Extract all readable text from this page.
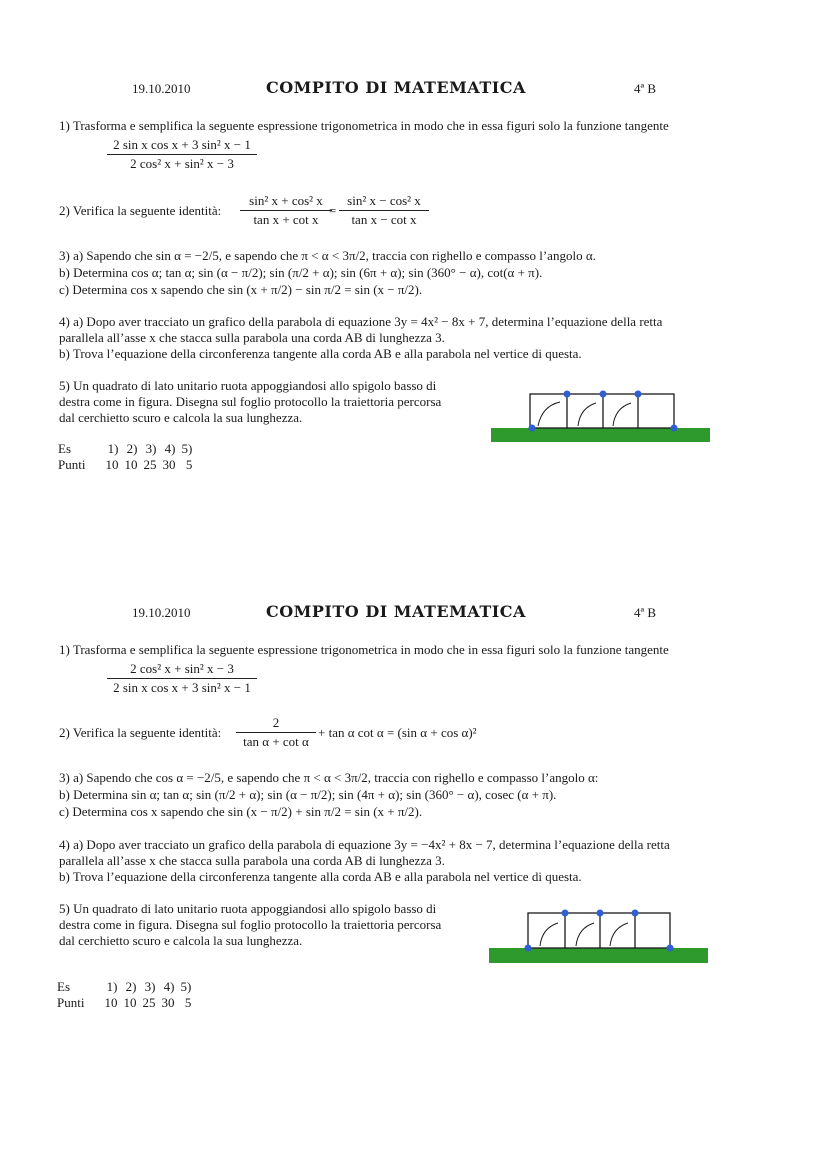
19.10.2010	COMPITO DI MATEMATICA	4ª B
1) Trasforma e semplifica la seguente espressione trigonometrica in modo che in essa figuri solo la funzione tangente
$\frac{\text{2 sin x cos x + 3 sin² x − 1}}{\text{2 cos² x + sin² x − 3}}$
2) Verifica la seguente identità: $\frac{\text{sin² x + cos² x}}{\text{tan x + cot x}}$
= $\frac{\text{sin² x − cos² x}}{\text{tan x − cot x}}$
3) a) Sapendo che sin α = −2/5, e sapendo che π < α < 3π/2, traccia con righello e compasso l’angolo α.
b) Determina cos α; tan α; sin (α − π/2); sin (π/2 + α); sin (6π + α); sin (360° − α), cot(α + π).
c) Determina cos x sapendo che sin (x + π/2) − sin π/2 = sin (x − π/2).
4) a) Dopo aver tracciato un grafico della parabola di equazione 3y = 4x² − 8x + 7, determina l’equazione della retta
parallela all’asse x che stacca sulla parabola una corda AB di lunghezza 3.
b) Trova l’equazione della circonferenza tangente alla corda AB e alla parabola nel vertice di questa.
5) Un quadrato di lato unitario ruota appoggiandosi allo spigolo basso di
destra come in figura. Disegna sul foglio protocollo la traiettoria percorsa
dal cerchietto scuro e calcola la sua lunghezza.
Es	1)	2)	3)	4)	5)
Punti	10	10	25	30	5
19.10.2010	COMPITO DI MATEMATICA	4ª B
1) Trasforma e semplifica la seguente espressione trigonometrica in modo che in essa figuri solo la funzione tangente
$\frac{\text{2 cos² x + sin² x − 3}}{\text{2 sin x cos x + 3 sin² x − 1}}$
2) Verifica la seguente identità: $\frac{2}{\text{tan α + cot α}} + \tan \alpha$ cot α = (sin α + cos α)²
3) a) Sapendo che cos α = −2/5, e sapendo che π < α < 3π/2, traccia con righello e compasso l’angolo α:
b) Determina sin α; tan α; sin (π/2 + α); sin (α − π/2); sin (4π + α); sin (360° − α), cosec (α + π).
c) Determina cos x sapendo che sin (x − π/2) + sin π/2 = sin (x + π/2).
4) a) Dopo aver tracciato un grafico della parabola di equazione 3y = −4x² + 8x − 7, determina l’equazione della retta
parallela all’asse x che stacca sulla parabola una corda AB di lunghezza 3.
b) Trova l’equazione della circonferenza tangente alla corda AB e alla parabola nel vertice di questa.
5) Un quadrato di lato unitario ruota appoggiandosi allo spigolo basso di
destra come in figura. Disegna sul foglio protocollo la traiettoria percorsa
dal cerchietto scuro e calcola la sua lunghezza.
Es	1)	2)	3)	4)	5)
Punti	10	10	25	30	5
